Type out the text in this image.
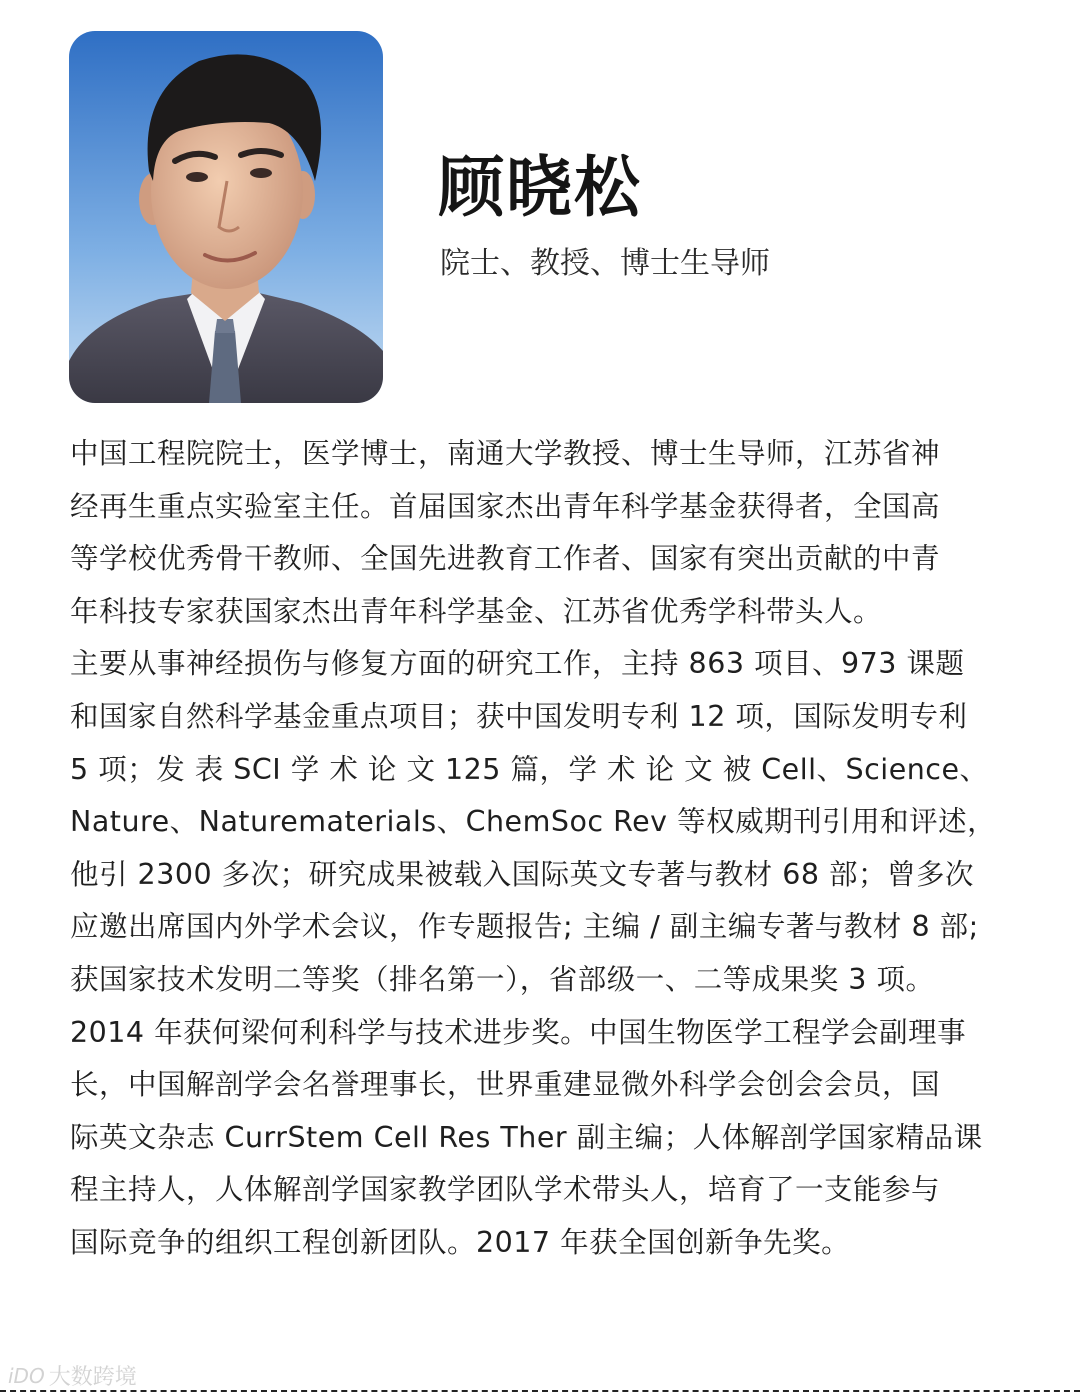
顾晓松
院士、教授、博士生导师
中国工程院院士，医学博士，南通大学教授、博士生导师，江苏省神
经再生重点实验室主任。首届国家杰出青年科学基金获得者，全国高
等学校优秀骨干教师、全国先进教育工作者、国家有突出贡献的中青
年科技专家获国家杰出青年科学基金、江苏省优秀学科带头人。
主要从事神经损伤与修复方面的研究工作，主持 863 项目、973 课题
和国家自然科学基金重点项目；获中国发明专利 12 项，国际发明专利
5 项；发 表 SCI 学 术 论 文 125 篇，学 术 论 文 被 Cell、Science、
Nature、Naturematerials、ChemSoc Rev 等权威期刊引用和评述，
他引 2300 多次；研究成果被载入国际英文专著与教材 68 部；曾多次
应邀出席国内外学术会议，作专题报告; 主编 / 副主编专著与教材 8 部;
获国家技术发明二等奖（排名第一），省部级一、二等成果奖 3 项。
2014 年获何梁何利科学与技术进步奖。中国生物医学工程学会副理事
长，中国解剖学会名誉理事长，世界重建显微外科学会创会会员，国
际英文杂志 CurrStem Cell Res Ther 副主编；人体解剖学国家精品课
程主持人，人体解剖学国家教学团队学术带头人，培育了一支能参与
国际竞争的组织工程创新团队。2017 年获全国创新争先奖。
iDO 大数跨境
